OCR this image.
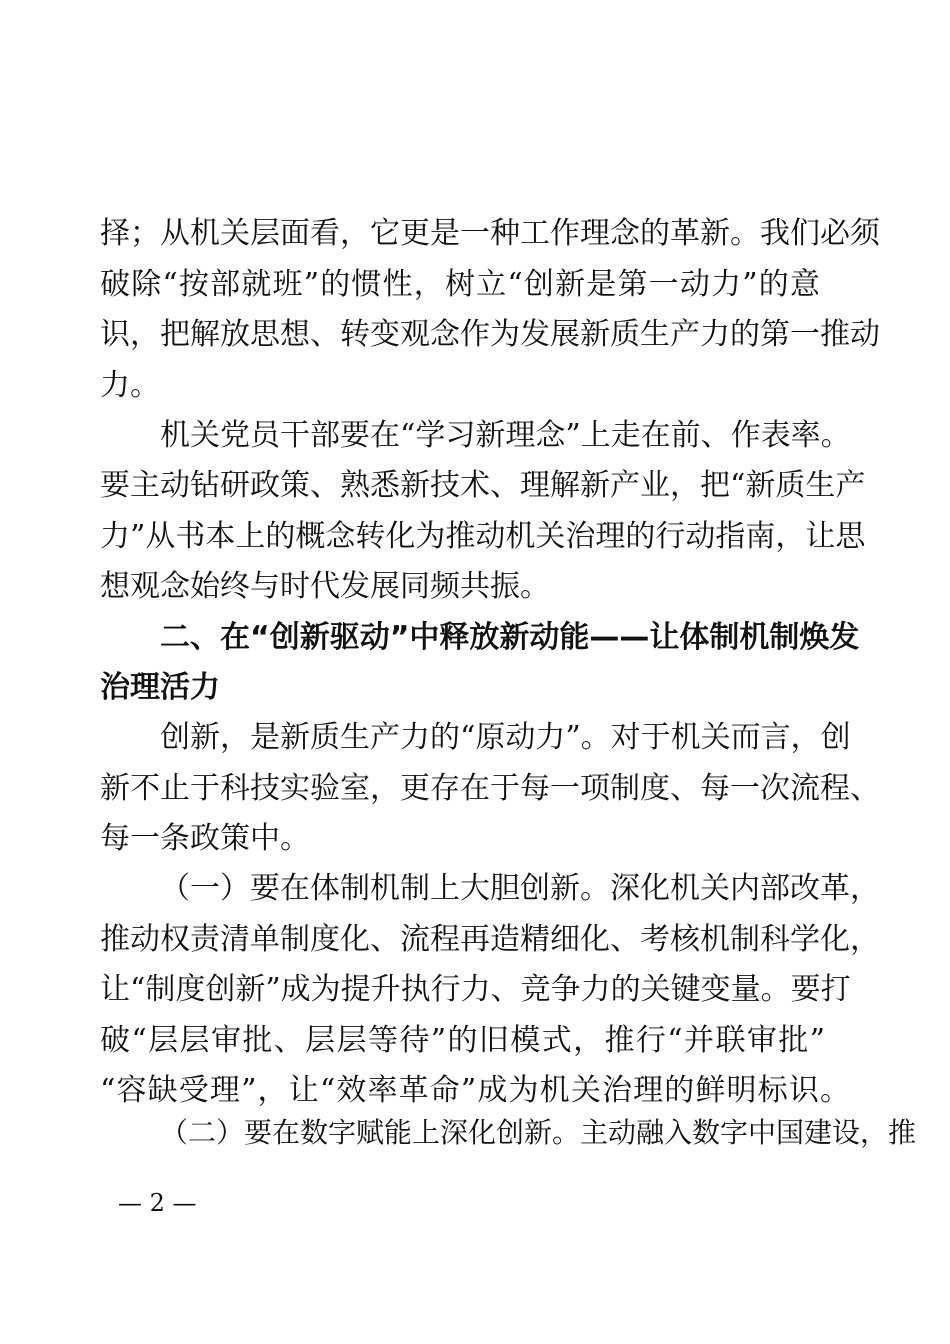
择；从机关层面看，它更是一种工作理念的革新。我们必须
破除“按部就班”的惯性，树立“创新是第一动力”的意
识，把解放思想、转变观念作为发展新质生产力的第一推动
力。
机关党员干部要在“学习新理念”上走在前、作表率。
要主动钻研政策、熟悉新技术、理解新产业，把“新质生产
力”从书本上的概念转化为推动机关治理的行动指南，让思
想观念始终与时代发展同频共振。
二、在“创新驱动”中释放新动能——让体制机制焕发
治理活力
创新，是新质生产力的“原动力”。对于机关而言，创
新不止于科技实验室，更存在于每一项制度、每一次流程、
每一条政策中。
（一）要在体制机制上大胆创新。深化机关内部改革，
推动权责清单制度化、流程再造精细化、考核机制科学化，
让“制度创新”成为提升执行力、竞争力的关键变量。要打
破“层层审批、层层等待”的旧模式，推行“并联审批”
“容缺受理”，让“效率革命”成为机关治理的鲜明标识。
（二）要在数字赋能上深化创新。主动融入数字中国建设，推
— 2 —
